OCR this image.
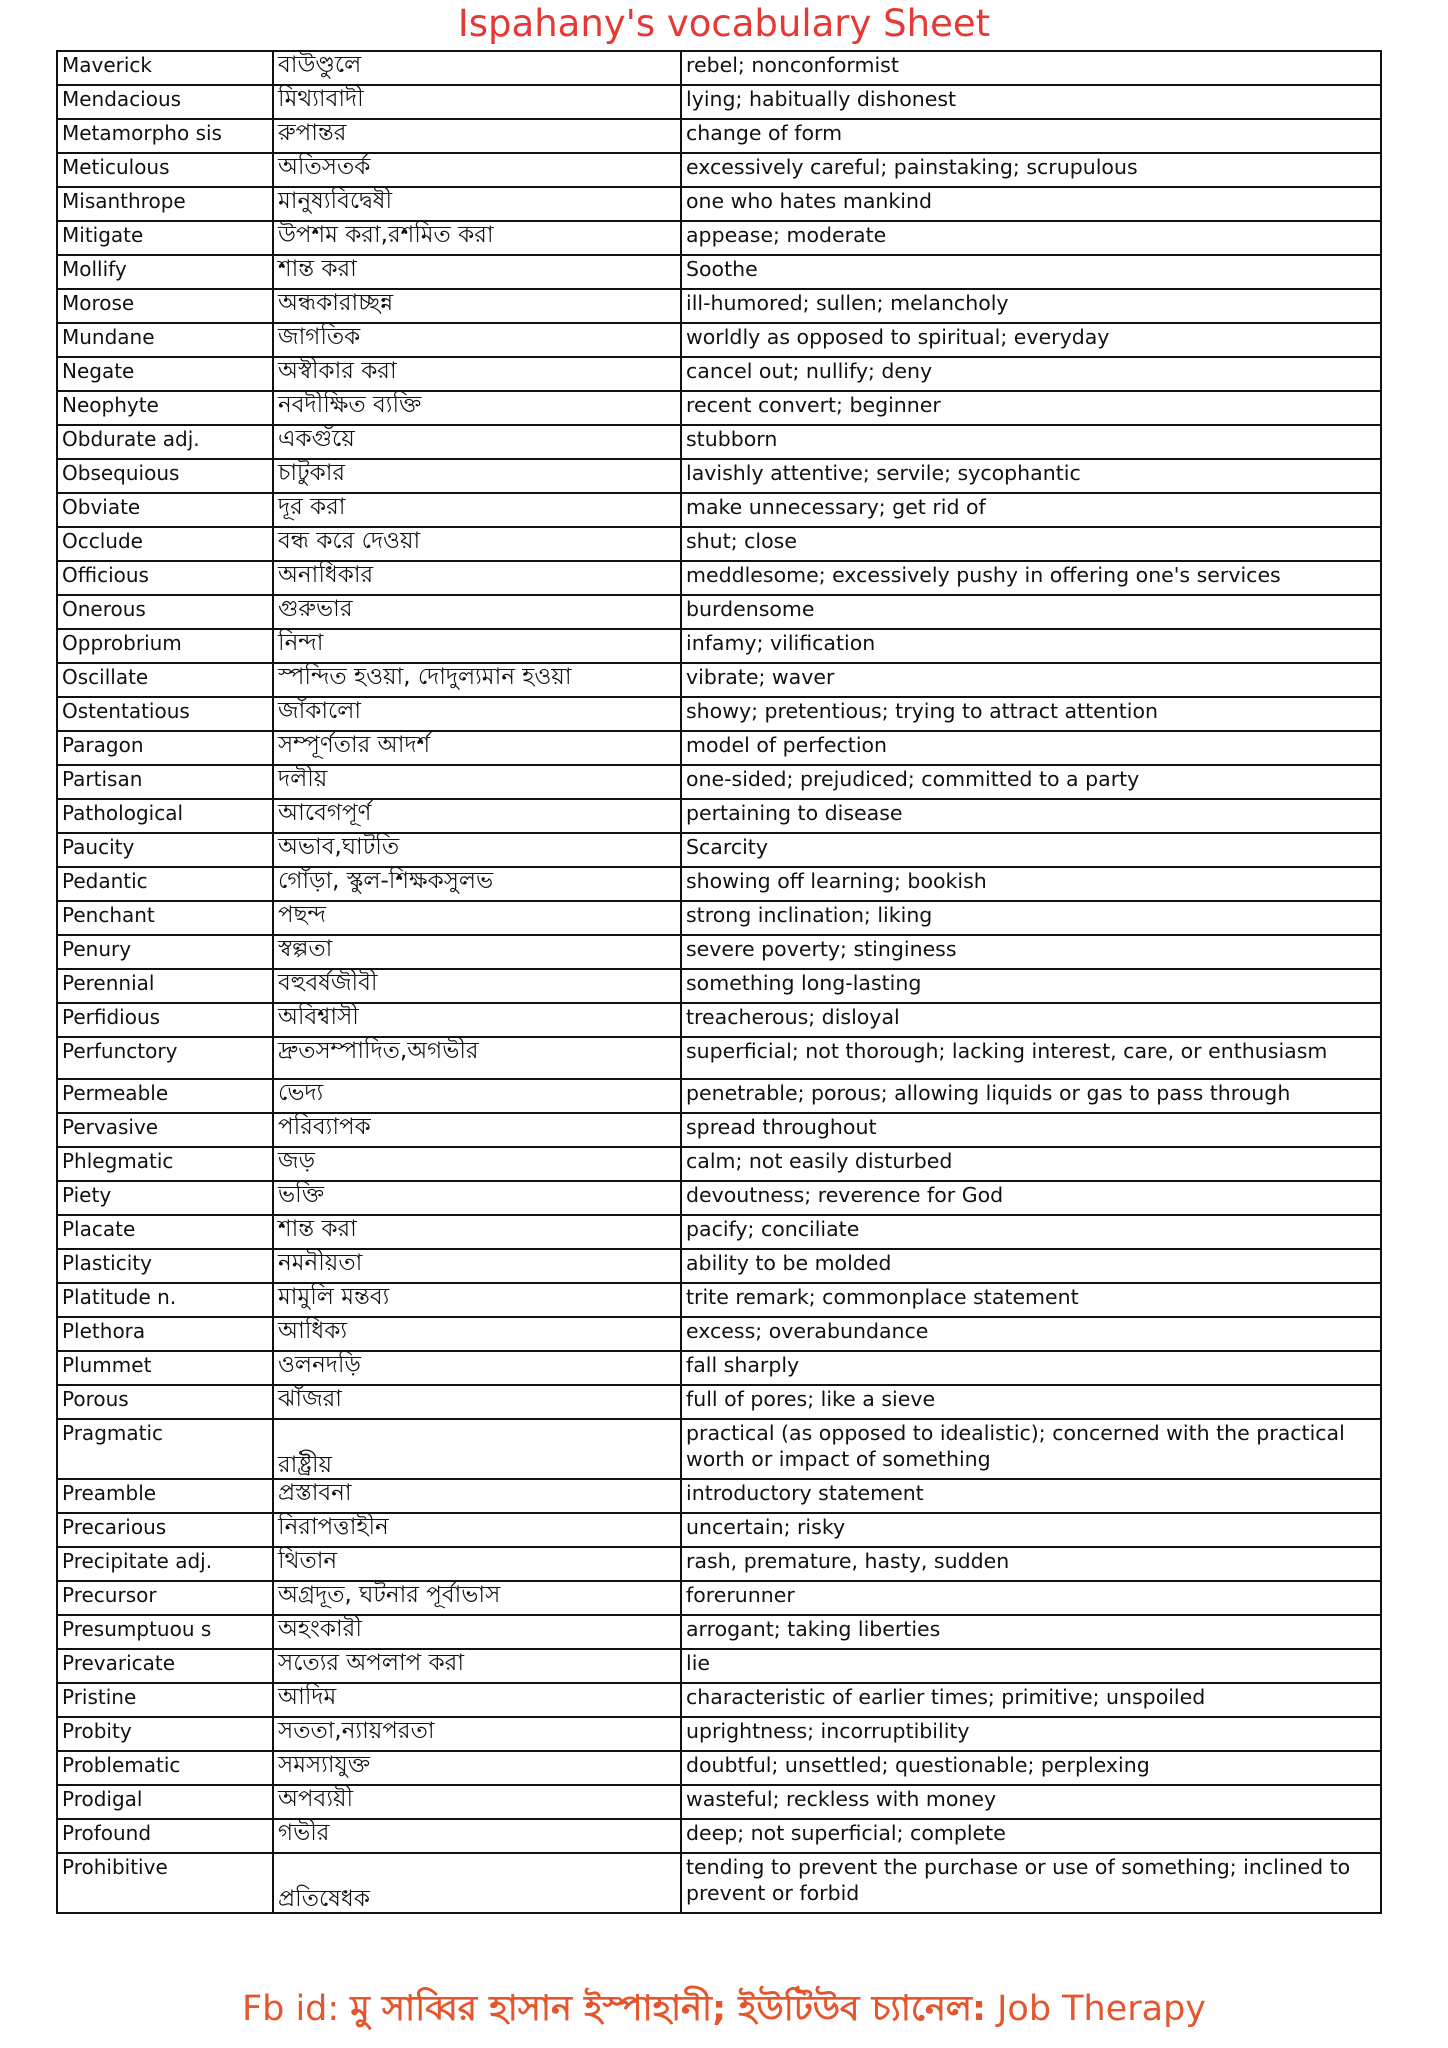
Ispahany's vocabulary Sheet
Maverick	বাউণ্ডুলে	rebel; nonconformist
Mendacious	মিথ্যাবাদী	lying; habitually dishonest
Metamorpho sis	রুপান্তর	change of form
Meticulous	অতিসতর্ক	excessively careful; painstaking; scrupulous
Misanthrope	মানুষ্যবিদ্বেষী	one who hates mankind
Mitigate	উপশম করা,রশমিত করা	appease; moderate
Mollify	শান্ত করা	Soothe
Morose	অন্ধকারাচ্ছন্ন	ill-humored; sullen; melancholy
Mundane	জাগতিক	worldly as opposed to spiritual; everyday
Negate	অস্বীকার করা	cancel out; nullify; deny
Neophyte	নবদীক্ষিত ব্যক্তি	recent convert; beginner
Obdurate adj.	একগুঁয়ে	stubborn
Obsequious	চাটুকার	lavishly attentive; servile; sycophantic
Obviate	দূর করা	make unnecessary; get rid of
Occlude	বন্ধ করে দেওয়া	shut; close
Officious	অনাধিকার	meddlesome; excessively pushy in offering one's services
Onerous	গুরুভার	burdensome
Opprobrium	নিন্দা	infamy; vilification
Oscillate	স্পন্দিত হওয়া, দোদুল্যমান হওয়া	vibrate; waver
Ostentatious	জাঁকালো	showy; pretentious; trying to attract attention
Paragon	সম্পূর্ণতার আদর্শ	model of perfection
Partisan	দলীয়	one-sided; prejudiced; committed to a party
Pathological	আবেগপূর্ণ	pertaining to disease
Paucity	অভাব,ঘাটতি	Scarcity
Pedantic	গোঁড়া, স্কুল-শিক্ষকসুলভ	showing off learning; bookish
Penchant	পছন্দ	strong inclination; liking
Penury	স্বল্পতা	severe poverty; stinginess
Perennial	বহুবর্ষজীবী	something long-lasting
Perfidious	অবিশ্বাসী	treacherous; disloyal
Perfunctory	দ্রুতসম্পাদিত,অগভীর	superficial; not thorough; lacking interest, care, or enthusiasm
Permeable	ভেদ্য	penetrable; porous; allowing liquids or gas to pass through
Pervasive	পরিব্যাপক	spread throughout
Phlegmatic	জড়	calm; not easily disturbed
Piety	ভক্তি	devoutness; reverence for God
Placate	শান্ত করা	pacify; conciliate
Plasticity	নমনীয়তা	ability to be molded
Platitude n.	মামুলি মন্তব্য	trite remark; commonplace statement
Plethora	আধিক্য	excess; overabundance
Plummet	ওলনদড়ি	fall sharply
Porous	ঝাঁজরা	full of pores; like a sieve
Pragmatic	রাষ্ট্রীয়	practical (as opposed to idealistic); concerned with the practical worth or impact of something
Preamble	প্রস্তাবনা	introductory statement
Precarious	নিরাপত্তাহীন	uncertain; risky
Precipitate adj.	থিতান	rash, premature, hasty, sudden
Precursor	অগ্রদূত, ঘটনার পূর্বাভাস	forerunner
Presumptuou s	অহংকারী	arrogant; taking liberties
Prevaricate	সত্যের অপলাপ করা	lie
Pristine	আদিম	characteristic of earlier times; primitive; unspoiled
Probity	সততা,ন্যায়পরতা	uprightness; incorruptibility
Problematic	সমস্যাযুক্ত	doubtful; unsettled; questionable; perplexing
Prodigal	অপব্যয়ী	wasteful; reckless with money
Profound	গভীর	deep; not superficial; complete
Prohibitive	প্রতিষেধক	tending to prevent the purchase or use of something; inclined to prevent or forbid
Fb id: মু সাব্বির হাসান ইস্পাহানী; ইউটিউব চ্যানেল: Job Therapy
